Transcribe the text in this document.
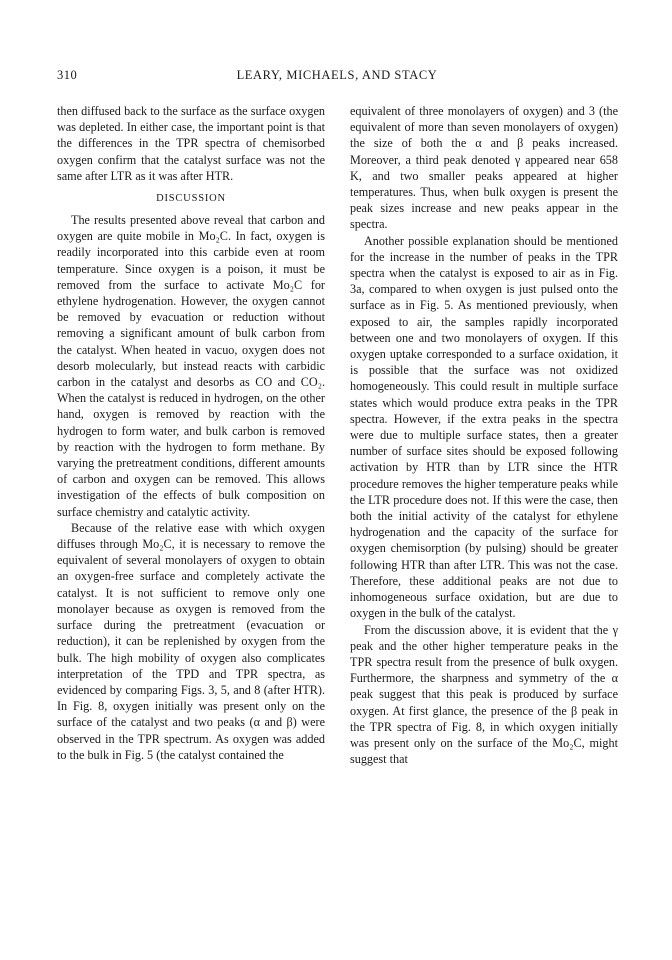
310	LEARY, MICHAELS, AND STACY

then diffused back to the surface as the surface oxygen was depleted. In either case, the important point is that the differences in the TPR spectra of chemisorbed oxygen confirm that the catalyst surface was not the same after LTR as it was after HTR.

DISCUSSION

The results presented above reveal that carbon and oxygen are quite mobile in Mo₂C. In fact, oxygen is readily incorporated into this carbide even at room temperature. Since oxygen is a poison, it must be removed from the surface to activate Mo₂C for ethylene hydrogenation. However, the oxygen cannot be removed by evacuation or reduction without removing a significant amount of bulk carbon from the catalyst. When heated in vacuo, oxygen does not desorb molecularly, but instead reacts with carbidic carbon in the catalyst and desorbs as CO and CO₂. When the catalyst is reduced in hydrogen, on the other hand, oxygen is removed by reaction with the hydrogen to form water, and bulk carbon is removed by reaction with the hydrogen to form methane. By varying the pretreatment conditions, different amounts of carbon and oxygen can be removed. This allows investigation of the effects of bulk composition on surface chemistry and catalytic activity.

Because of the relative ease with which oxygen diffuses through Mo₂C, it is necessary to remove the equivalent of several monolayers of oxygen to obtain an oxygen-free surface and completely activate the catalyst. It is not sufficient to remove only one monolayer because as oxygen is removed from the surface during the pretreatment (evacuation or reduction), it can be replenished by oxygen from the bulk. The high mobility of oxygen also complicates interpretation of the TPD and TPR spectra, as evidenced by comparing Figs. 3, 5, and 8 (after HTR). In Fig. 8, oxygen initially was present only on the surface of the catalyst and two peaks (α and β) were observed in the TPR spectrum. As oxygen was added to the bulk in Fig. 5 (the catalyst contained the

equivalent of three monolayers of oxygen) and 3 (the equivalent of more than seven monolayers of oxygen) the size of both the α and β peaks increased. Moreover, a third peak denoted γ appeared near 658 K, and two smaller peaks appeared at higher temperatures. Thus, when bulk oxygen is present the peak sizes increase and new peaks appear in the spectra.

Another possible explanation should be mentioned for the increase in the number of peaks in the TPR spectra when the catalyst is exposed to air as in Fig. 3a, compared to when oxygen is just pulsed onto the surface as in Fig. 5. As mentioned previously, when exposed to air, the samples rapidly incorporated between one and two monolayers of oxygen. If this oxygen uptake corresponded to a surface oxidation, it is possible that the surface was not oxidized homogeneously. This could result in multiple surface states which would produce extra peaks in the TPR spectra. However, if the extra peaks in the spectra were due to multiple surface states, then a greater number of surface sites should be exposed following activation by HTR than by LTR since the HTR procedure removes the higher temperature peaks while the LTR procedure does not. If this were the case, then both the initial activity of the catalyst for ethylene hydrogenation and the capacity of the surface for oxygen chemisorption (by pulsing) should be greater following HTR than after LTR. This was not the case. Therefore, these additional peaks are not due to inhomogeneous surface oxidation, but are due to oxygen in the bulk of the catalyst.

From the discussion above, it is evident that the γ peak and the other higher temperature peaks in the TPR spectra result from the presence of bulk oxygen. Furthermore, the sharpness and symmetry of the α peak suggest that this peak is produced by surface oxygen. At first glance, the presence of the β peak in the TPR spectra of Fig. 8, in which oxygen initially was present only on the surface of the Mo₂C, might suggest that
